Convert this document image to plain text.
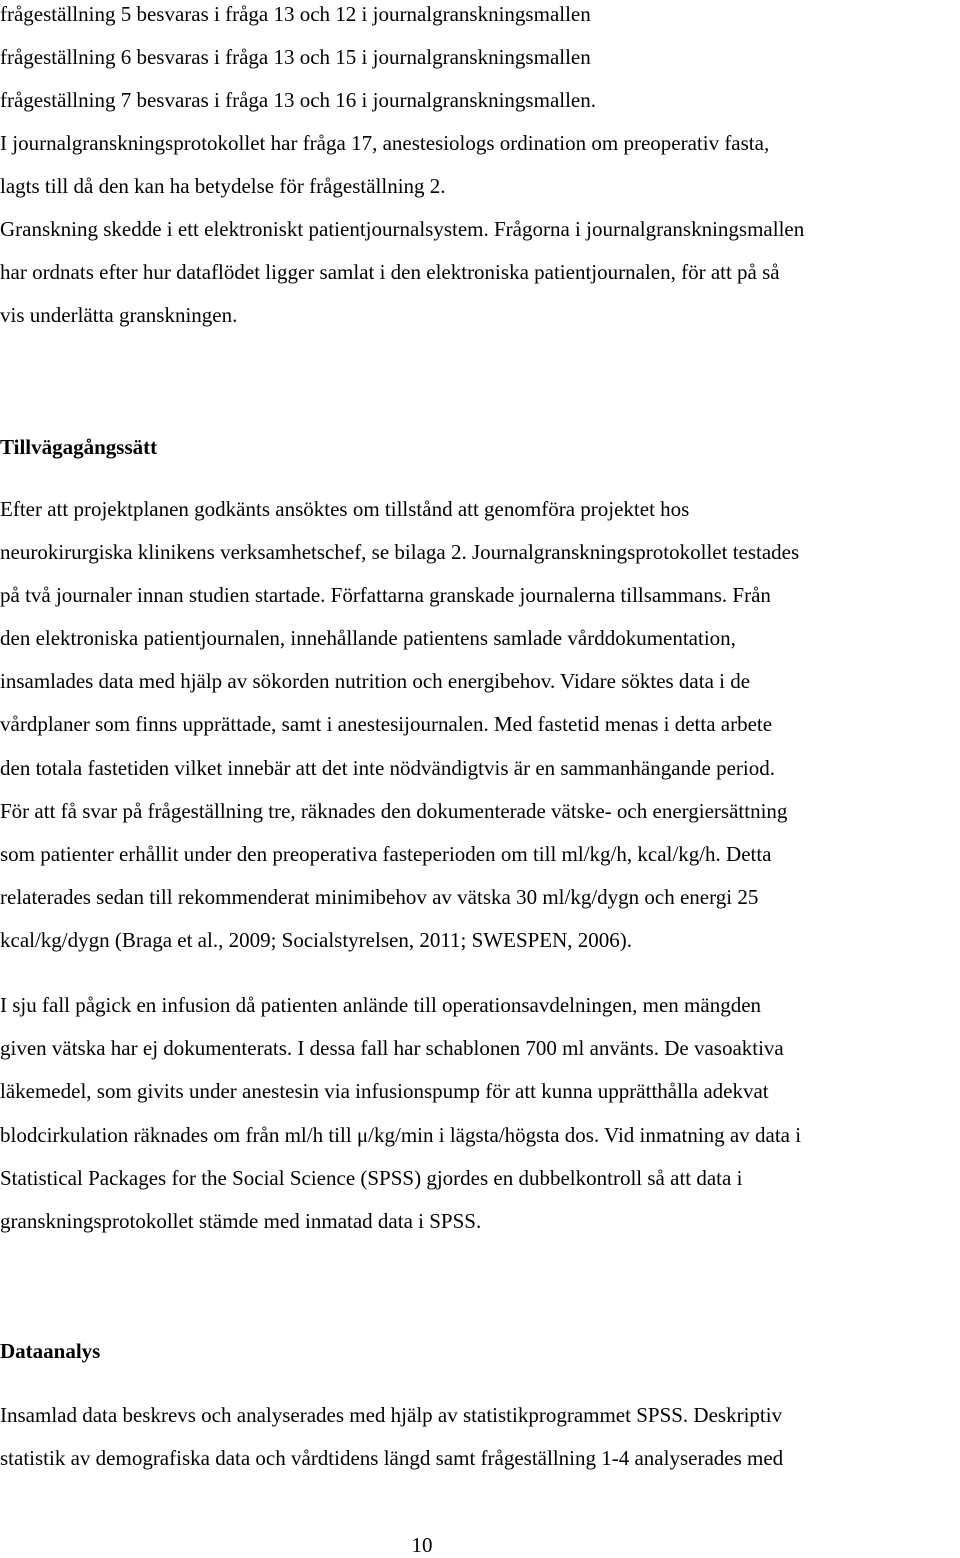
frågeställning 5 besvaras i fråga 13 och 12 i journalgranskningsmallen
frågeställning 6 besvaras i fråga 13 och 15 i journalgranskningsmallen
frågeställning 7 besvaras i fråga 13 och 16 i journalgranskningsmallen.
I journalgranskningsprotokollet har fråga 17, anestesiologs ordination om preoperativ fasta,
lagts till då den kan ha betydelse för frågeställning 2.
Granskning skedde i ett elektroniskt patientjournalsystem. Frågorna i journalgranskningsmallen
har ordnats efter hur dataflödet ligger samlat i den elektroniska patientjournalen, för att på så
vis underlätta granskningen.
Tillvägagångssätt
Efter att projektplanen godkänts ansöktes om tillstånd att genomföra projektet hos
neurokirurgiska klinikens verksamhetschef, se bilaga 2. Journalgranskningsprotokollet testades
på två journaler innan studien startade. Författarna granskade journalerna tillsammans. Från
den elektroniska patientjournalen, innehållande patientens samlade vårddokumentation,
insamlades data med hjälp av sökorden nutrition och energibehov. Vidare söktes data i de
vårdplaner som finns upprättade, samt i anestesijournalen. Med fastetid menas i detta arbete
den totala fastetiden vilket innebär att det inte nödvändigtvis är en sammanhängande period.
För att få svar på frågeställning tre, räknades den dokumenterade vätske- och energiersättning
som patienter erhållit under den preoperativa fasteperioden om till ml/kg/h, kcal/kg/h. Detta
relaterades sedan till rekommenderat minimibehov av vätska 30 ml/kg/dygn och energi 25
kcal/kg/dygn (Braga et al., 2009; Socialstyrelsen, 2011; SWESPEN, 2006).
I sju fall pågick en infusion då patienten anlände till operationsavdelningen, men mängden
given vätska har ej dokumenterats. I dessa fall har schablonen 700 ml använts. De vasoaktiva
läkemedel, som givits under anestesin via infusionspump för att kunna upprätthålla adekvat
blodcirkulation räknades om från ml/h till μ/kg/min i lägsta/högsta dos. Vid inmatning av data i
Statistical Packages for the Social Science (SPSS) gjordes en dubbelkontroll så att data i
granskningsprotokollet stämde med inmatad data i SPSS.
Dataanalys
Insamlad data beskrevs och analyserades med hjälp av statistikprogrammet SPSS. Deskriptiv
statistik av demografiska data och vårdtidens längd samt frågeställning 1-4 analyserades med
10
